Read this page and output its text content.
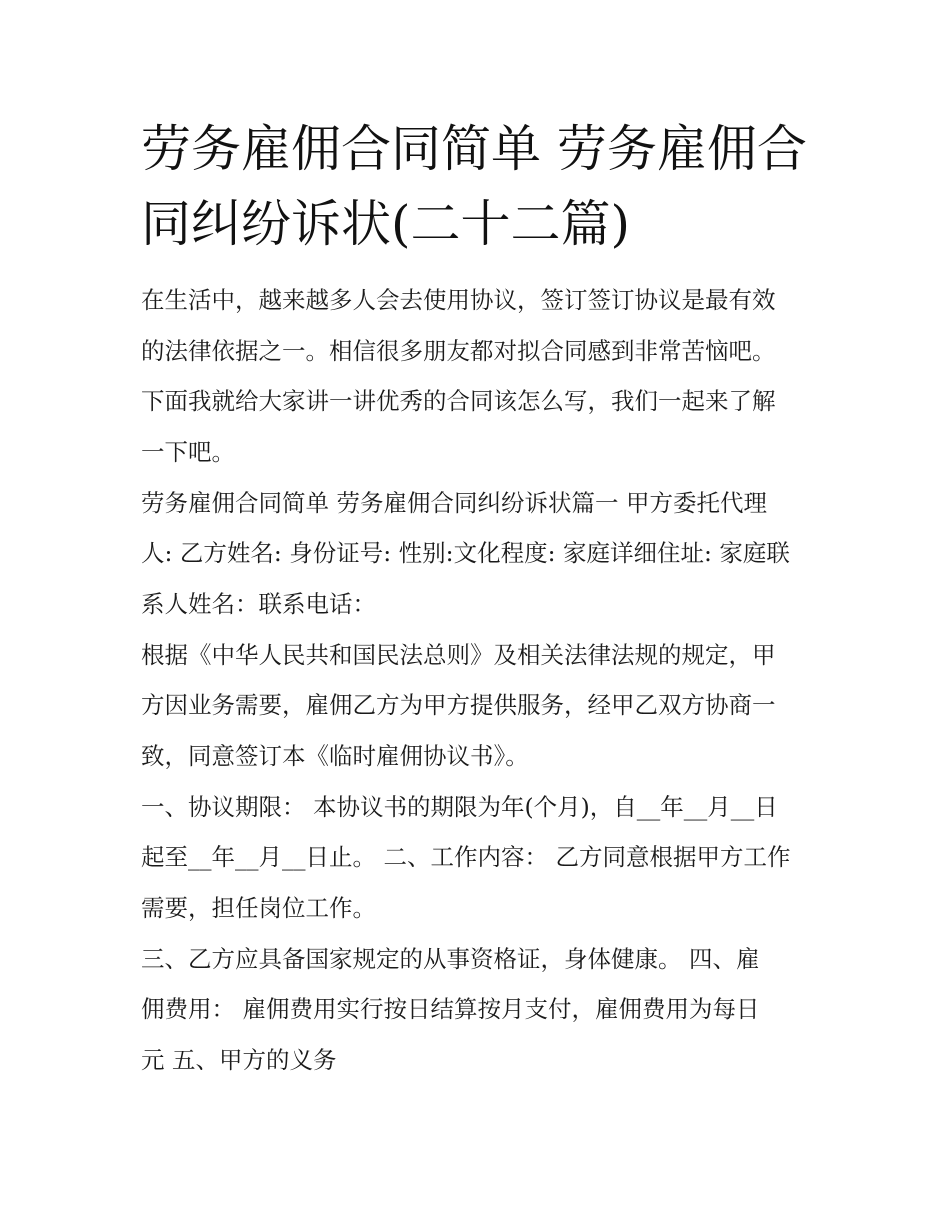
劳务雇佣合同简单 劳务雇佣合同纠纷诉状(二十二篇)

在生活中，越来越多人会去使用协议，签订签订协议是最有效

的法律依据之一。相信很多朋友都对拟合同感到非常苦恼吧。

下面我就给大家讲一讲优秀的合同该怎么写，我们一起来了解

一下吧。

劳务雇佣合同简单 劳务雇佣合同纠纷诉状篇一 甲方委托代理

人: 乙方姓名: 身份证号: 性别:文化程度: 家庭详细住址: 家庭联

系人姓名：联系电话：

根据《中华人民共和国民法总则》及相关法律法规的规定，甲

方因业务需要，雇佣乙方为甲方提供服务，经甲乙双方协商一

致，同意签订本《临时雇佣协议书》。

一、协议期限： 本协议书的期限为年(个月)，自__年__月__日

起至__年__月__日止。 二、工作内容： 乙方同意根据甲方工作

需要，担任岗位工作。

三、乙方应具备国家规定的从事资格证，身体健康。 四、雇

佣费用： 雇佣费用实行按日结算按月支付，雇佣费用为每日

元 五、甲方的义务
